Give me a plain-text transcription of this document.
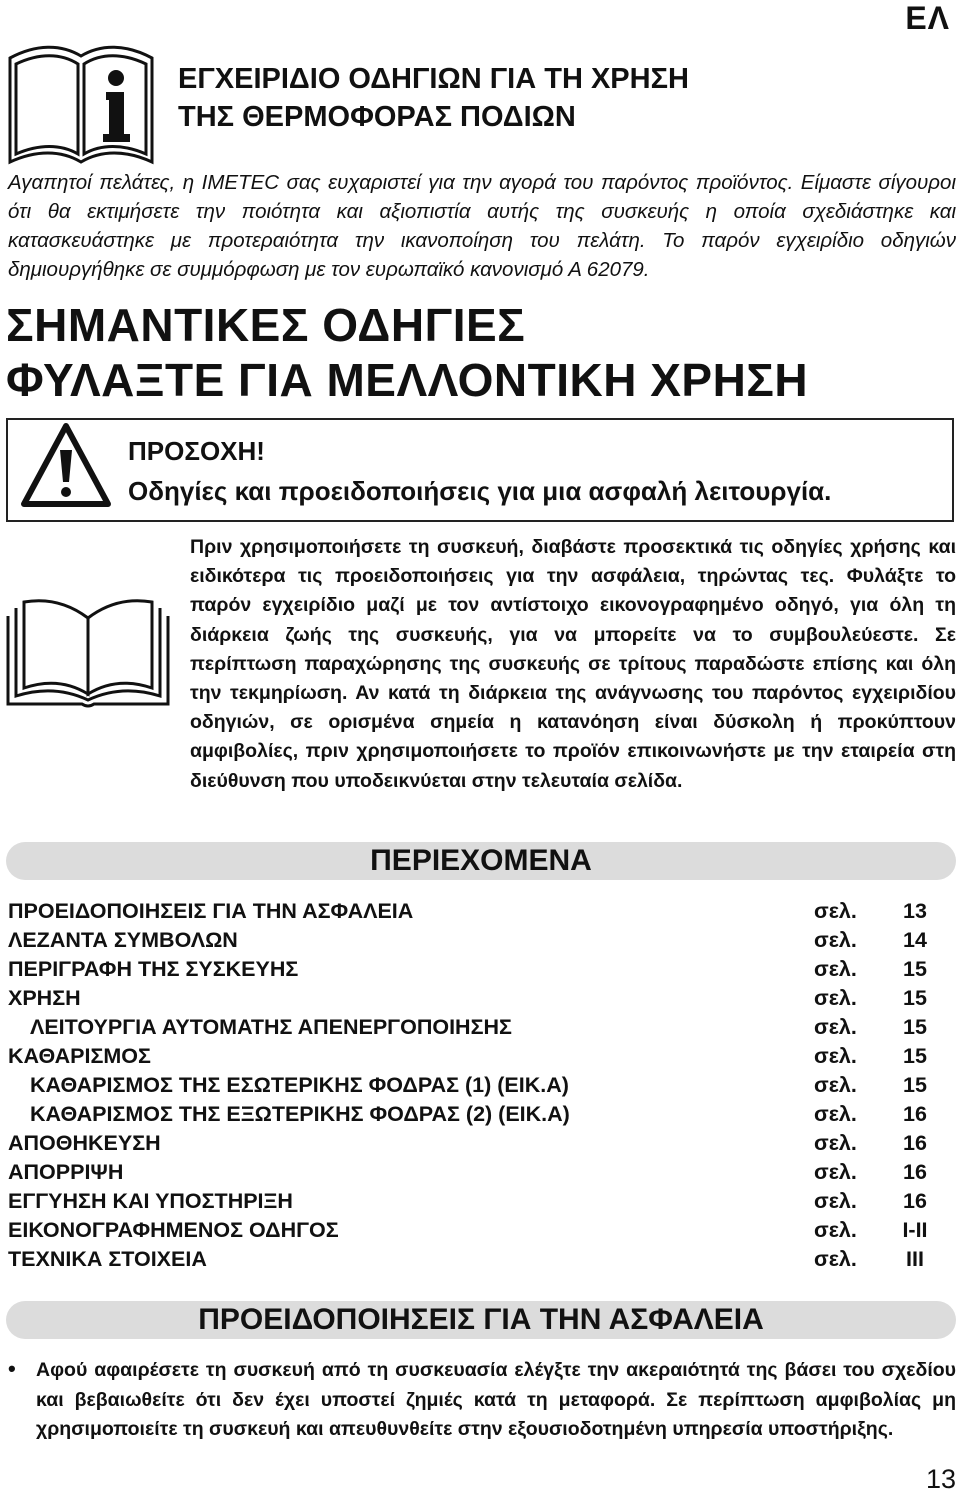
ΕΛ
ΕΓΧΕΙΡΙΔΙΟ ΟΔΗΓΙΩΝ ΓΙΑ ΤΗ ΧΡΗΣΗ
ΤΗΣ ΘΕΡΜΟΦΟΡΑΣ ΠΟΔΙΩΝ
Αγαπητοί πελάτες, η IMETEC σας ευχαριστεί για την αγορά του παρόντος προϊόντος. Είμαστε σίγουροι ότι θα εκτιμήσετε την ποιότητα και αξιοπιστία αυτής της συσκευής η οποία σχεδιάστηκε και κατασκευάστηκε με προτεραιότητα την ικανοποίηση του πελάτη. Το παρόν εγχειρίδιο οδηγιών δημιουργήθηκε σε συμμόρφωση με τον ευρωπαϊκό κανονισμό Α 62079.
ΣΗΜΑΝΤΙΚΕΣ ΟΔΗΓΙΕΣ
ΦΥΛΑΞΤΕ ΓΙΑ ΜΕΛΛΟΝΤΙΚΗ ΧΡΗΣΗ
ΠΡΟΣΟΧΗ!
Οδηγίες και προειδοποιήσεις για μια ασφαλή λειτουργία.
Πριν χρησιμοποιήσετε τη συσκευή, διαβάστε προσεκτικά τις οδηγίες χρήσης και ειδικότερα τις προειδοποιήσεις για την ασφάλεια, τηρώντας τες. Φυλάξτε το παρόν εγχειρίδιο μαζί με τον αντίστοιχο εικονογραφημένο οδηγό, για όλη τη διάρκεια ζωής της συσκευής, για να μπορείτε να το συμβουλεύεστε. Σε περίπτωση παραχώρησης της συσκευής σε τρίτους παραδώστε επίσης και όλη την τεκμηρίωση. Αν κατά τη διάρκεια της ανάγνωσης του παρόντος εγχειριδίου οδηγιών, σε ορισμένα σημεία η κατανόηση είναι δύσκολη ή προκύπτουν αμφιβολίες, πριν χρησιμοποιήσετε το προϊόν επικοινωνήστε με την εταιρεία στη διεύθυνση που υποδεικνύεται στην τελευταία σελίδα.
ΠΕΡΙΕΧΟΜΕΝΑ
ΠΡΟΕΙΔΟΠΟΙΗΣΕΙΣ ΓΙΑ ΤΗΝ ΑΣΦΑΛΕΙΑ	σελ.	13
ΛΕΖΑΝΤΑ ΣΥΜΒΟΛΩΝ	σελ.	14
ΠΕΡΙΓΡΑΦΗ ΤΗΣ ΣΥΣΚΕΥΗΣ	σελ.	15
ΧΡΗΣΗ	σελ.	15
ΛΕΙΤΟΥΡΓΙΑ ΑΥΤΟΜΑΤΗΣ ΑΠΕΝΕΡΓΟΠΟΙΗΣΗΣ	σελ.	15
ΚΑΘΑΡΙΣΜΟΣ	σελ.	15
ΚΑΘΑΡΙΣΜΟΣ ΤΗΣ ΕΣΩΤΕΡΙΚΗΣ ΦΟΔΡΑΣ (1) (ΕΙΚ.Α)	σελ.	15
ΚΑΘΑΡΙΣΜΟΣ ΤΗΣ ΕΞΩΤΕΡΙΚΗΣ ΦΟΔΡΑΣ (2) (ΕΙΚ.Α)	σελ.	16
ΑΠΟΘΗΚΕΥΣΗ	σελ.	16
ΑΠΟΡΡΙΨΗ	σελ.	16
ΕΓΓΥΗΣΗ ΚΑΙ ΥΠΟΣΤΗΡΙΞΗ	σελ.	16
ΕΙΚΟΝΟΓΡΑΦΗΜΕΝΟΣ ΟΔΗΓΟΣ	σελ.	I-II
ΤΕΧΝΙΚΑ ΣΤΟΙΧΕΙΑ	σελ.	III
ΠΡΟΕΙΔΟΠΟΙΗΣΕΙΣ ΓΙΑ ΤΗΝ ΑΣΦΑΛΕΙΑ
• Αφού αφαιρέσετε τη συσκευή από τη συσκευασία ελέγξτε την ακεραιότητά της βάσει του σχεδίου και βεβαιωθείτε ότι δεν έχει υποστεί ζημιές κατά τη μεταφορά. Σε περίπτωση αμφιβολίας μη χρησιμοποιείτε τη συσκευή και απευθυνθείτε στην εξουσιοδοτημένη υπηρεσία υποστήριξης.
13
